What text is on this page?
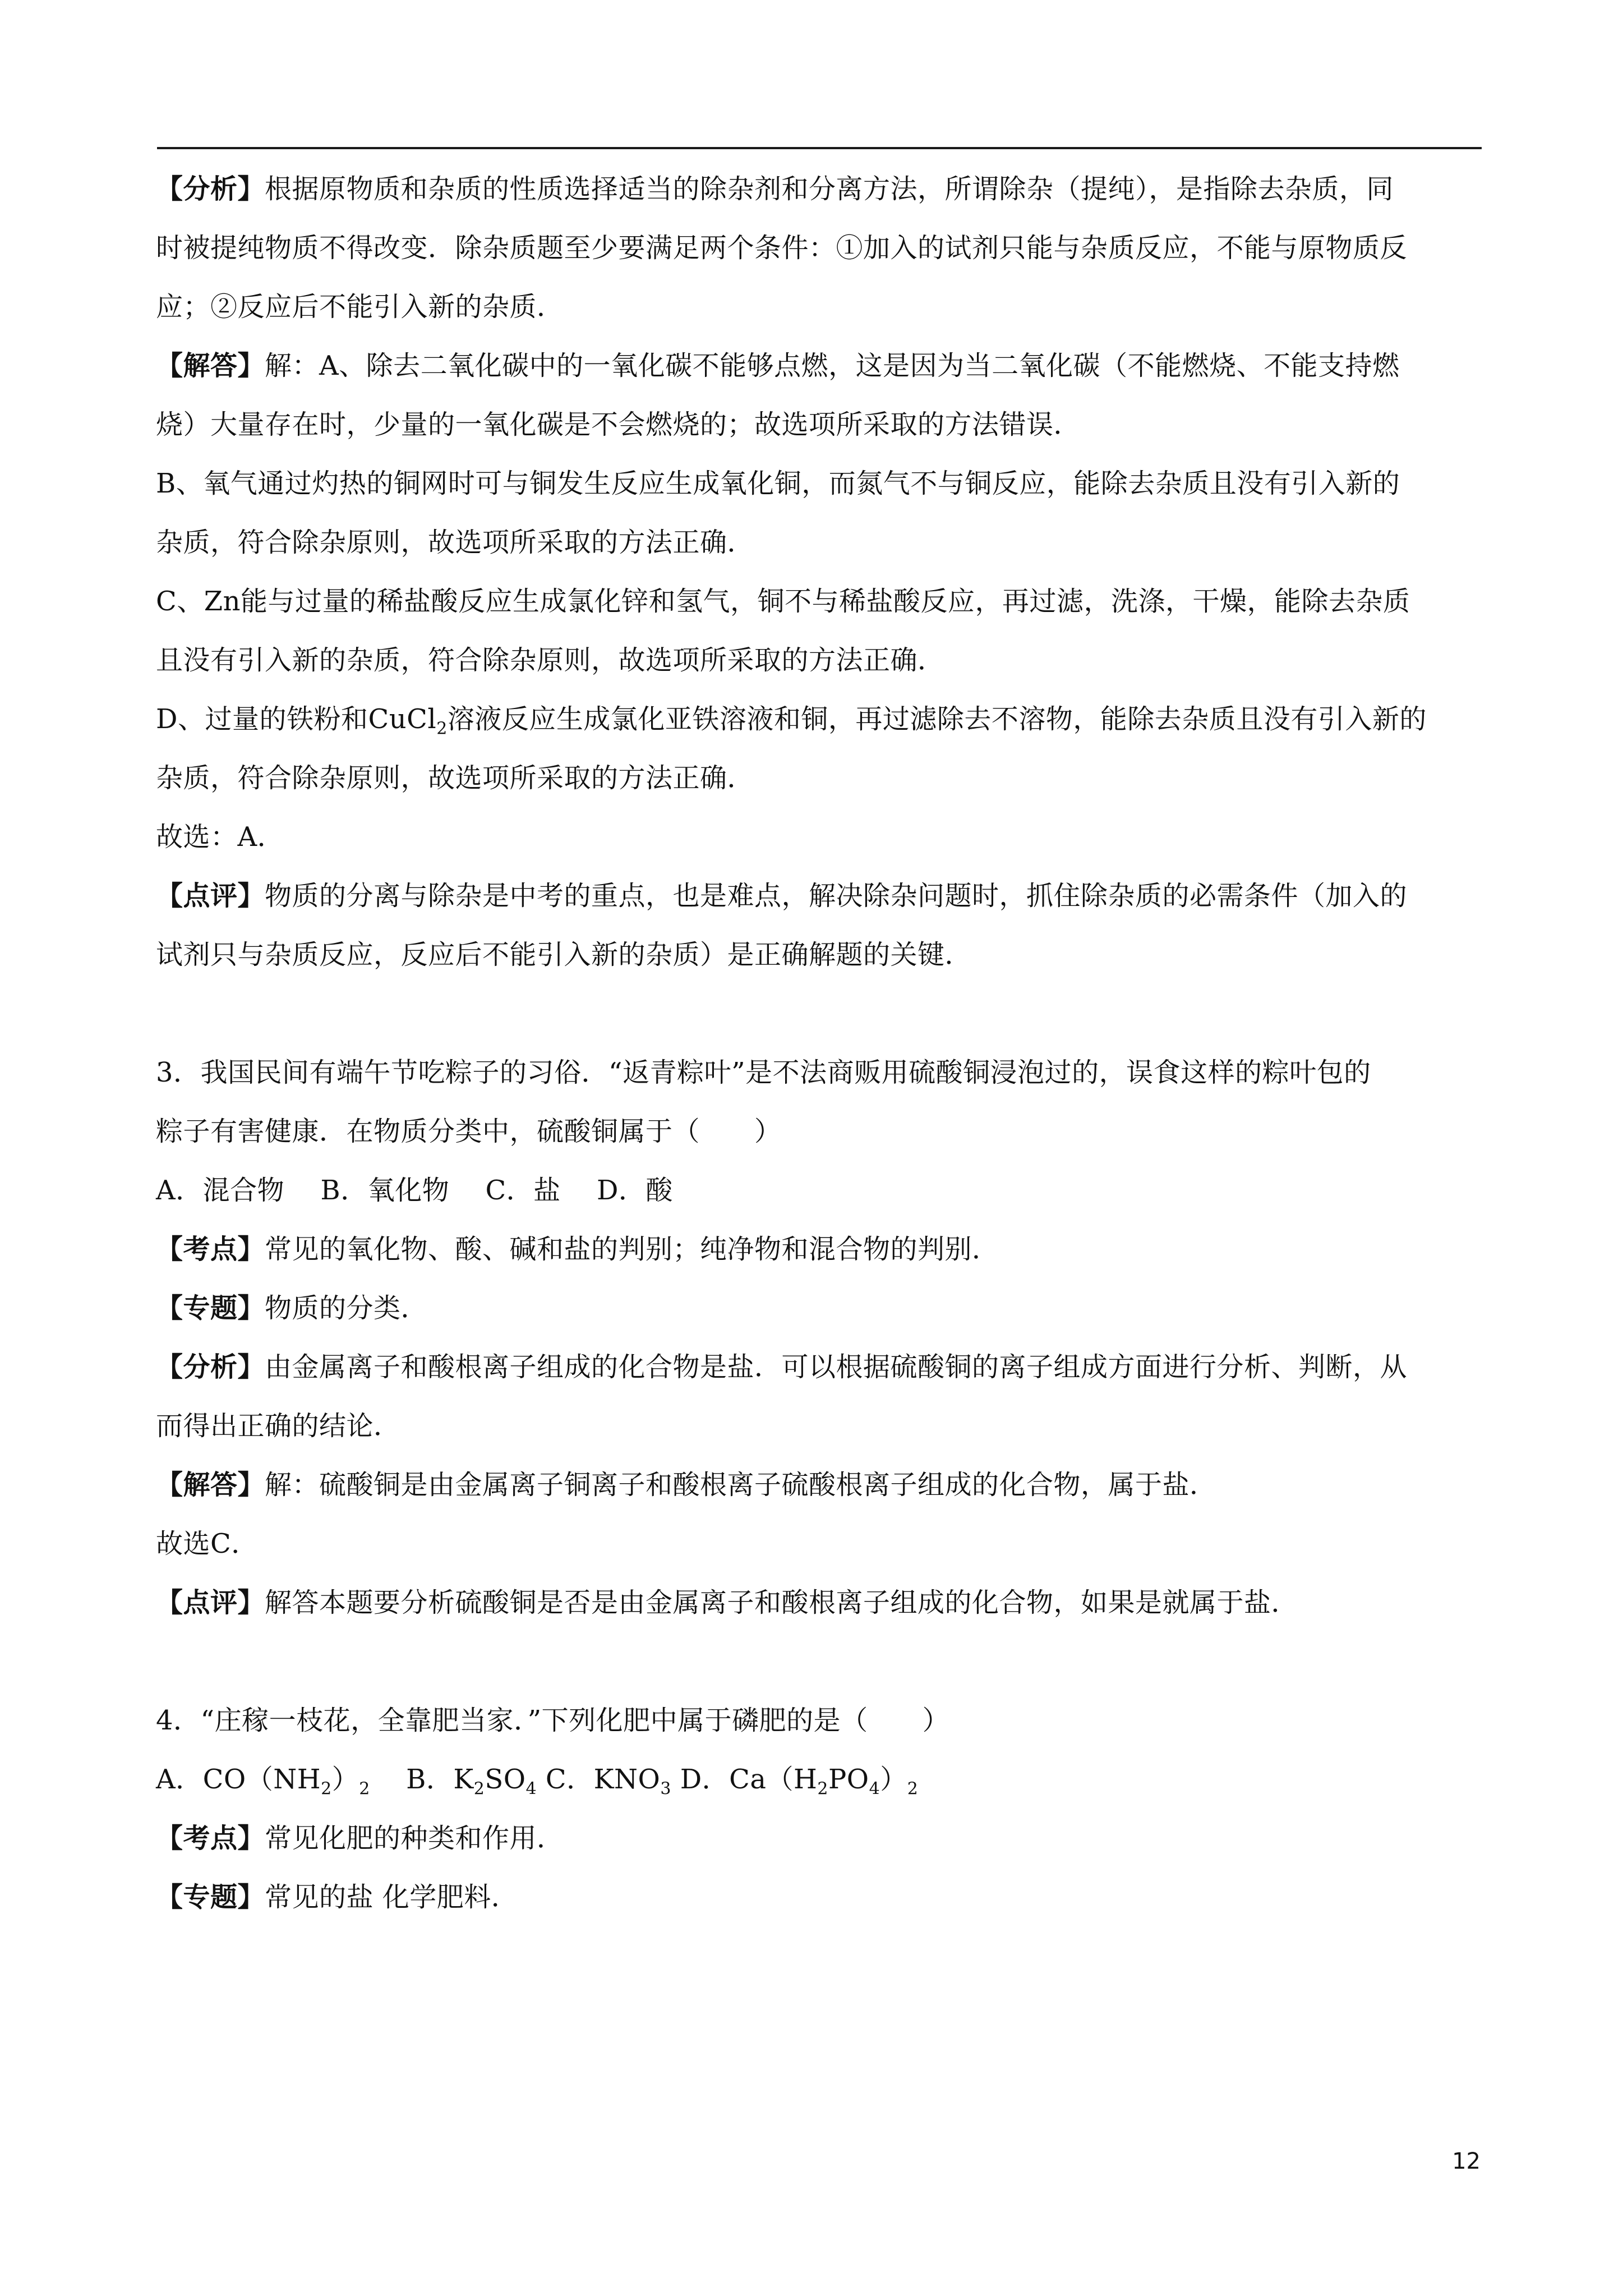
【分析】根据原物质和杂质的性质选择适当的除杂剂和分离方法，所谓除杂（提纯），是指除去杂质，同

时被提纯物质不得改变．除杂质题至少要满足两个条件：①加入的试剂只能与杂质反应，不能与原物质反

应；②反应后不能引入新的杂质．

【解答】解：A、除去二氧化碳中的一氧化碳不能够点燃，这是因为当二氧化碳（不能燃烧、不能支持燃

烧）大量存在时，少量的一氧化碳是不会燃烧的；故选项所采取的方法错误．

B、氧气通过灼热的铜网时可与铜发生反应生成氧化铜，而氮气不与铜反应，能除去杂质且没有引入新的

杂质，符合除杂原则，故选项所采取的方法正确．

C、Zn能与过量的稀盐酸反应生成氯化锌和氢气，铜不与稀盐酸反应，再过滤，洗涤，干燥，能除去杂质

且没有引入新的杂质，符合除杂原则，故选项所采取的方法正确．

D、过量的铁粉和CuCl$_2$溶液反应生成氯化亚铁溶液和铜，再过滤除去不溶物，能除去杂质且没有引入新的

杂质，符合除杂原则，故选项所采取的方法正确．

故选：A．

【点评】物质的分离与除杂是中考的重点，也是难点，解决除杂问题时，抓住除杂质的必需条件（加入的

试剂只与杂质反应，反应后不能引入新的杂质）是正确解题的关键．

3．我国民间有端午节吃粽子的习俗．“返青粽叶”是不法商贩用硫酸铜浸泡过的，误食这样的粽叶包的

粽子有害健康．在物质分类中，硫酸铜属于（　　）

A．混合物　 B．氧化物　 C．盐　 D．酸

【考点】常见的氧化物、酸、碱和盐的判别；纯净物和混合物的判别．

【专题】物质的分类．

【分析】由金属离子和酸根离子组成的化合物是盐．可以根据硫酸铜的离子组成方面进行分析、判断，从

而得出正确的结论．

【解答】解：硫酸铜是由金属离子铜离子和酸根离子硫酸根离子组成的化合物，属于盐．

故选C．

【点评】解答本题要分析硫酸铜是否是由金属离子和酸根离子组成的化合物，如果是就属于盐．

4．“庄稼一枝花，全靠肥当家．”下列化肥中属于磷肥的是（　　）

A．$CO(NH_2)_2$　 B．$K_2SO_4$ C．$KNO_3$ D．$Ca(H_2PO_4)_2$

【考点】常见化肥的种类和作用．

【专题】常见的盐 化学肥料．

12
